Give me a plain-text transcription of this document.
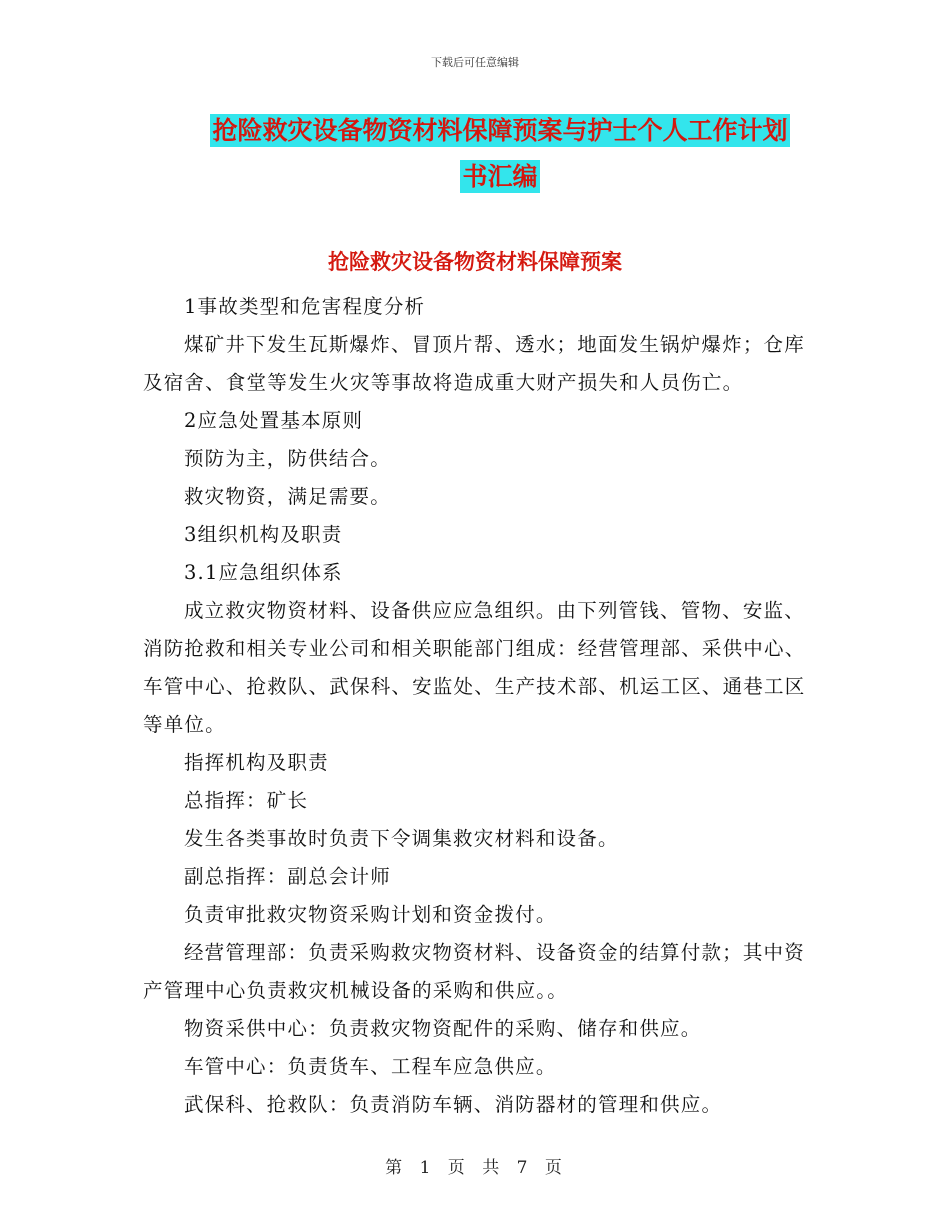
下载后可任意编辑
抢险救灾设备物资材料保障预案与护士个人工作计划
书汇编
抢险救灾设备物资材料保障预案

1事故类型和危害程度分析

煤矿井下发生瓦斯爆炸、冒顶片帮、透水；地面发生锅炉爆炸；仓库及宿舍、食堂等发生火灾等事故将造成重大财产损失和人员伤亡。

2应急处置基本原则

预防为主，防供结合。

救灾物资，满足需要。

3组织机构及职责

3.1应急组织体系

成立救灾物资材料、设备供应应急组织。由下列管钱、管物、安监、消防抢救和相关专业公司和相关职能部门组成：经营管理部、采供中心、车管中心、抢救队、武保科、安监处、生产技术部、机运工区、通巷工区等单位。

指挥机构及职责

总指挥：矿长

发生各类事故时负责下令调集救灾材料和设备。

副总指挥：副总会计师

负责审批救灾物资采购计划和资金拨付。

经营管理部：负责采购救灾物资材料、设备资金的结算付款；其中资产管理中心负责救灾机械设备的采购和供应。。

物资采供中心：负责救灾物资配件的采购、储存和供应。

车管中心：负责货车、工程车应急供应。

武保科、抢救队：负责消防车辆、消防器材的管理和供应。

第 1 页 共 7 页
